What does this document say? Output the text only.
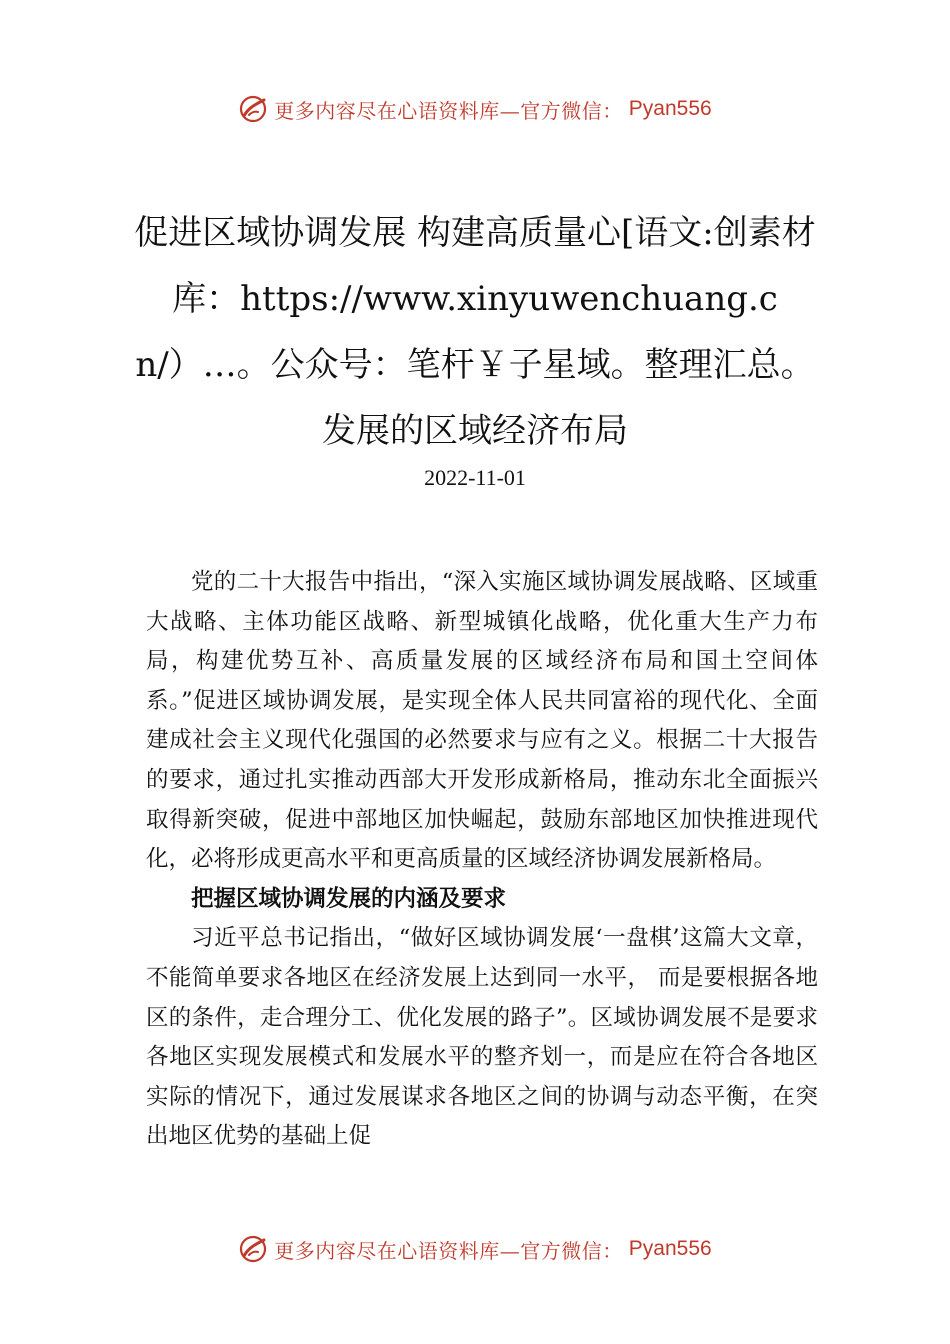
更多内容尽在心语资料库—官方微信： Pyan556
促进区域协调发展 构建高质量心[语文:创素材库：https://www.xinyuwenchuang.cn/）…。公众号：笔杆￥子星域。整理汇总。发展的区域经济布局
2022-11-01

党的二十大报告中指出，“深入实施区域协调发展战略、区域重大战略、主体功能区战略、新型城镇化战略，优化重大生产力布局，构建优势互补、高质量发展的区域经济布局和国土空间体系。”促进区域协调发展，是实现全体人民共同富裕的现代化、全面建成社会主义现代化强国的必然要求与应有之义。根据二十大报告的要求，通过扎实推动西部大开发形成新格局，推动东北全面振兴取得新突破，促进中部地区加快崛起，鼓励东部地区加快推进现代化，必将形成更高水平和更高质量的区域经济协调发展新格局。

把握区域协调发展的内涵及要求

习近平总书记指出，“做好区域协调发展‘一盘棋’这篇大文章，不能简单要求各地区在经济发展上达到同一水平， 而是要根据各地区的条件，走合理分工、优化发展的路子”。区域协调发展不是要求各地区实现发展模式和发展水平的整齐划一，而是应在符合各地区实际的情况下，通过发展谋求各地区之间的协调与动态平衡，在突出地区优势的基础上促

更多内容尽在心语资料库—官方微信： Pyan556
